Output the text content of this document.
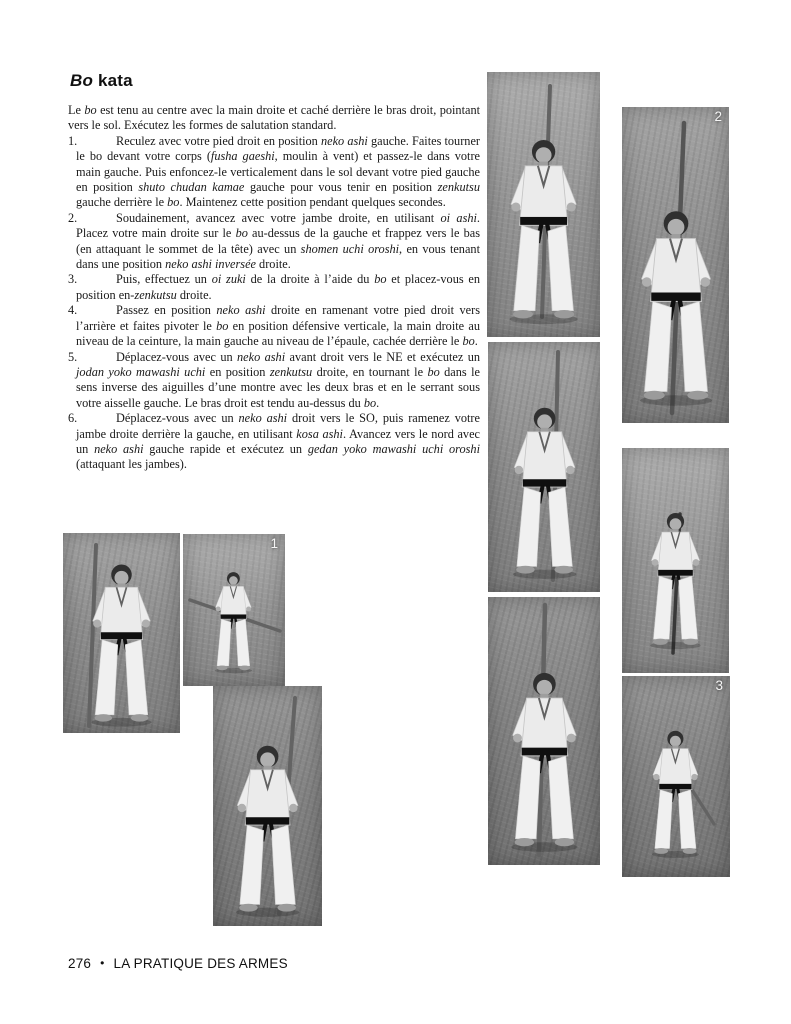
Bo kata

Le bo est tenu au centre avec la main droite et caché derrière le bras droit, pointant vers le sol. Exécutez les formes de salutation standard.

1.	Reculez avec votre pied droit en position neko ashi gauche. Faites tourner le bo devant votre corps (fusha gaeshi, moulin à vent) et passez-le dans votre main gauche. Puis enfoncez-le verticalement dans le sol devant votre pied gauche en position shuto chudan kamae gauche pour vous tenir en position zenkutsu gauche derrière le bo. Maintenez cette position pendant quelques secondes.

2.	Soudainement, avancez avec votre jambe droite, en utilisant oi ashi. Placez votre main droite sur le bo au-dessus de la gauche et frappez vers le bas (en attaquant le sommet de la tête) avec un shomen uchi oroshi, en vous tenant dans une position neko ashi inversée droite.

3.	Puis, effectuez un oi zuki de la droite à l’aide du bo et placez-vous en position en-zenkutsu droite.

4.	Passez en position neko ashi droite en ramenant votre pied droit vers l’arrière et faites pivoter le bo en position défensive verticale, la main droite au niveau de la ceinture, la main gauche au niveau de l’épaule, cachée derrière le bo.

5.	Déplacez-vous avec un neko ashi avant droit vers le NE et exécutez un jodan yoko mawashi uchi en position zenkutsu droite, en tournant le bo dans le sens inverse des aiguilles d’une montre avec les deux bras et en le serrant sous votre aisselle gauche. Le bras droit est tendu au-dessus du bo.

6.	Déplacez-vous avec un neko ashi droit vers le SO, puis ramenez votre jambe droite derrière la gauche, en utilisant kosa ashi. Avancez vers le nord avec un neko ashi gauche rapide et exécutez un gedan yoko mawashi uchi oroshi (attaquant les jambes).

1
2
3
276 • LA PRATIQUE DES ARMES
